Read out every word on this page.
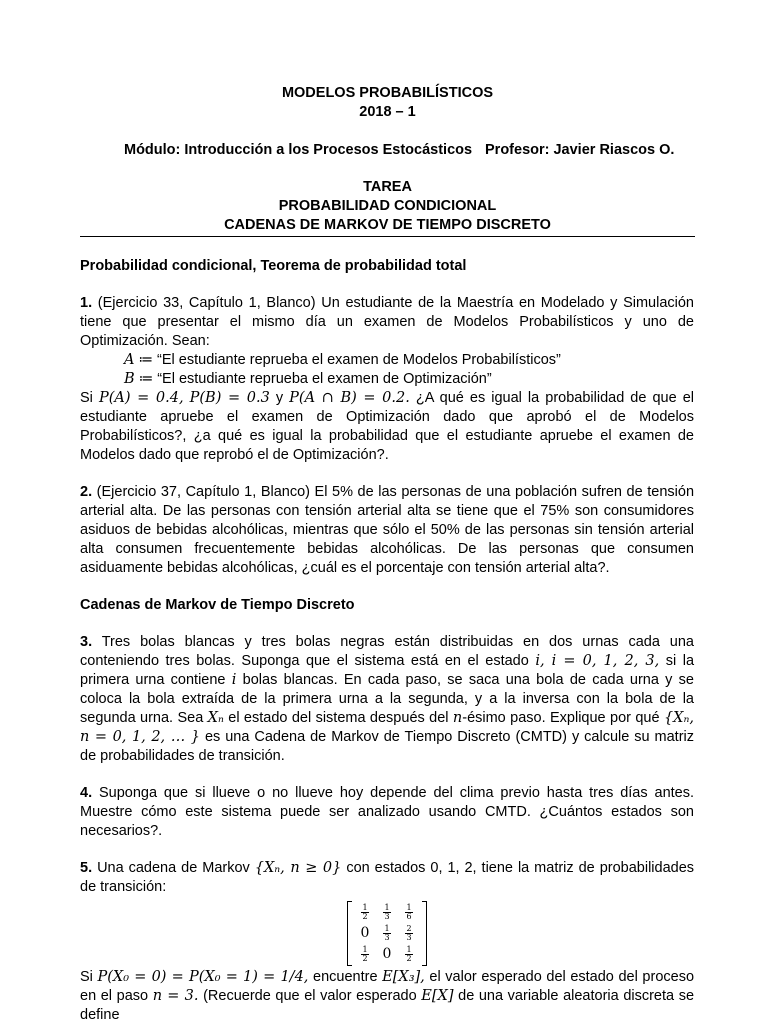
MODELOS PROBABILÍSTICOS
2018 – 1
Módulo: Introducción a los Procesos Estocásticos Profesor: Javier Riascos O.
TAREA
PROBABILIDAD CONDICIONAL
CADENAS DE MARKOV DE TIEMPO DISCRETO
Probabilidad condicional, Teorema de probabilidad total

1. (Ejercicio 33, Capítulo 1, Blanco) Un estudiante de la Maestría en Modelado y Simulación tiene que presentar el mismo día un examen de Modelos Probabilísticos y uno de Optimización. Sean:
A ≔ “El estudiante reprueba el examen de Modelos Probabilísticos”
B ≔ “El estudiante reprueba el examen de Optimización”
Si P(A) = 0.4, P(B) = 0.3 y P(A ∩ B) = 0.2. ¿A qué es igual la probabilidad de que el estudiante apruebe el examen de Optimización dado que aprobó el de Modelos Probabilísticos?, ¿a qué es igual la probabilidad que el estudiante apruebe el examen de Modelos dado que reprobó el de Optimización?.

2. (Ejercicio 37, Capítulo 1, Blanco) El 5% de las personas de una población sufren de tensión arterial alta. De las personas con tensión arterial alta se tiene que el 75% son consumidores asiduos de bebidas alcohólicas, mientras que sólo el 50% de las personas sin tensión arterial alta consumen frecuentemente bebidas alcohólicas. De las personas que consumen asiduamente bebidas alcohólicas, ¿cuál es el porcentaje con tensión arterial alta?.

Cadenas de Markov de Tiempo Discreto

3. Tres bolas blancas y tres bolas negras están distribuidas en dos urnas cada una conteniendo tres bolas. Suponga que el sistema está en el estado i, i = 0, 1, 2, 3, si la primera urna contiene i bolas blancas. En cada paso, se saca una bola de cada urna y se coloca la bola extraída de la primera urna a la segunda, y a la inversa con la bola de la segunda urna. Sea Xₙ el estado del sistema después del n-ésimo paso. Explique por qué {Xₙ, n = 0, 1, 2, … } es una Cadena de Markov de Tiempo Discreto (CMTD) y calcule su matriz de probabilidades de transición.

4. Suponga que si llueve o no llueve hoy depende del clima previo hasta tres días antes. Muestre cómo este sistema puede ser analizado usando CMTD. ¿Cuántos estados son necesarios?.

5. Una cadena de Markov {Xₙ, n ≥ 0} con estados 0, 1, 2, tiene la matriz de probabilidades de transición:
$\frac{1}{2} \frac{1}{3} \frac{1}{6}$
0	$\frac{1}{3} \frac{2}{3}$
$\frac{1}{2} 0$	$\frac{1}{2}$
Si P(X₀ = 0) = P(X₀ = 1) = 1/4, encuentre E[X₃], el valor esperado del estado del proceso en el paso n = 3. (Recuerde que el valor esperado E[X] de una variable aleatoria discreta se define
